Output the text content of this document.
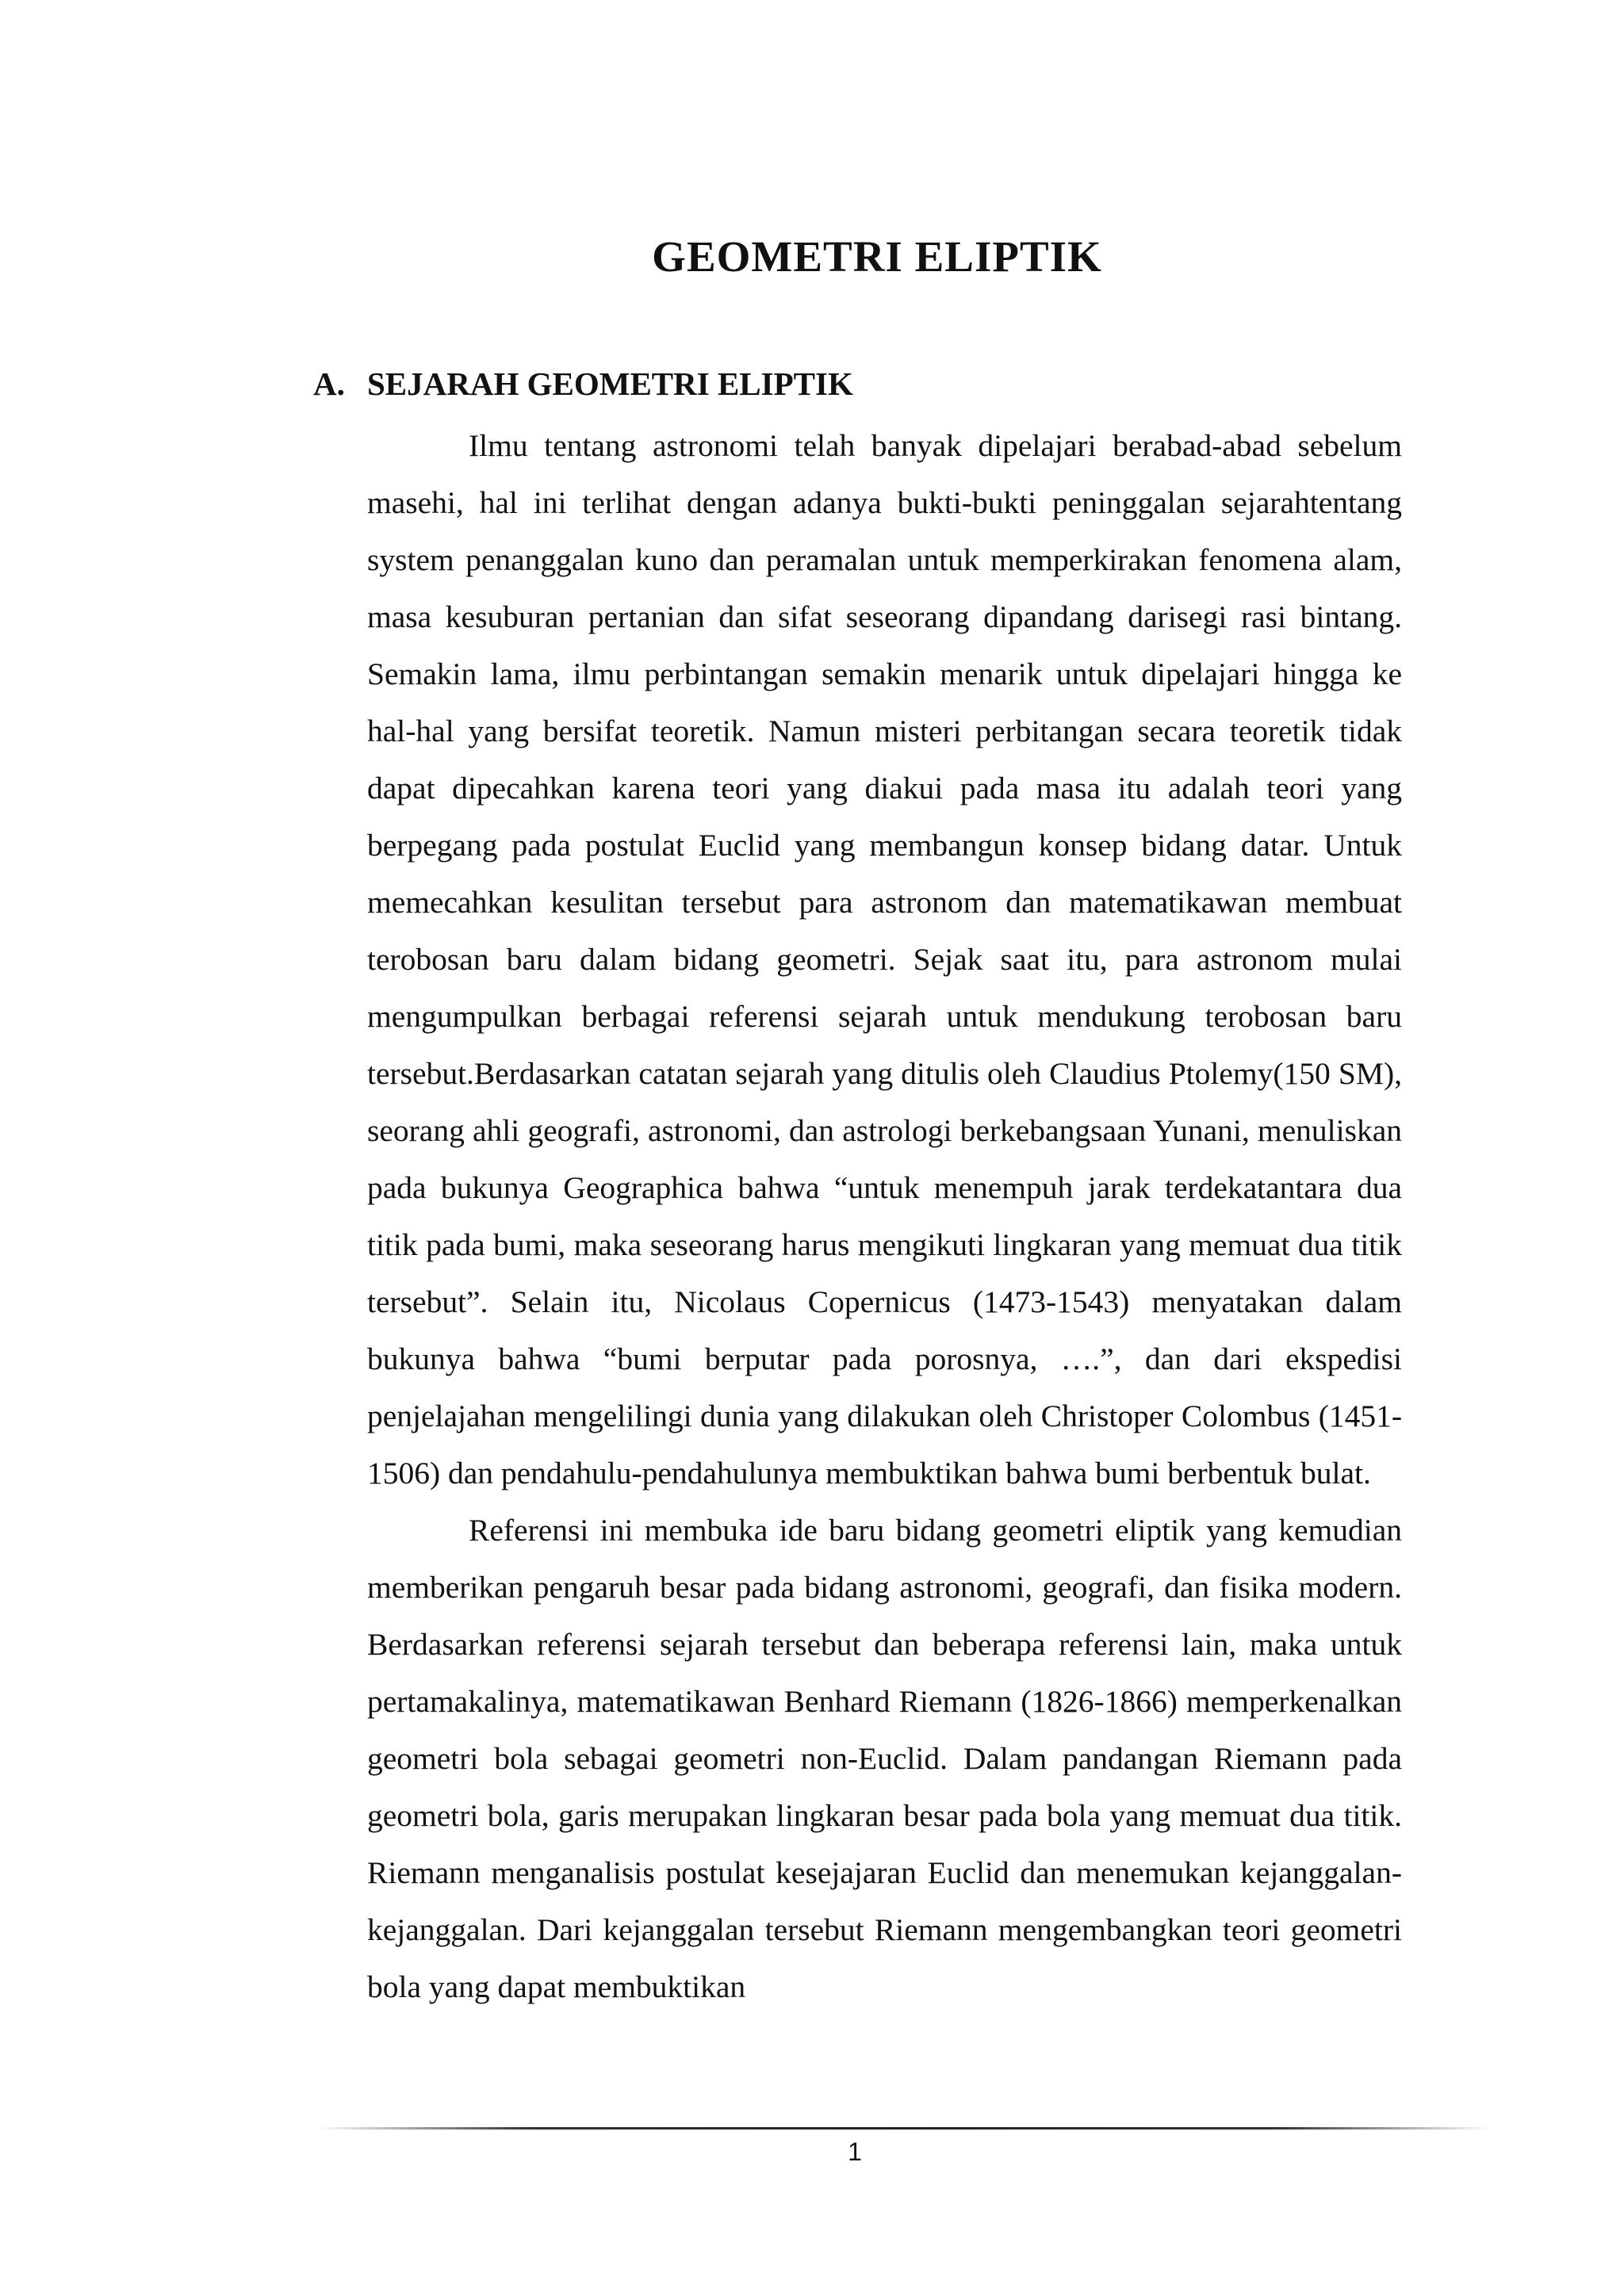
GEOMETRI ELIPTIK
A. SEJARAH GEOMETRI ELIPTIK

Ilmu tentang astronomi telah banyak dipelajari berabad-abad sebelum masehi, hal ini terlihat dengan adanya bukti-bukti peninggalan sejarahtentang system penanggalan kuno dan peramalan untuk memperkirakan fenomena alam, masa kesuburan pertanian dan sifat seseorang dipandang darisegi rasi bintang. Semakin lama, ilmu perbintangan semakin menarik untuk dipelajari hingga ke hal-hal yang bersifat teoretik. Namun misteri perbitangan secara teoretik tidak dapat dipecahkan karena teori yang diakui pada masa itu adalah teori yang berpegang pada postulat Euclid yang membangun konsep bidang datar. Untuk memecahkan kesulitan tersebut para astronom dan matematikawan membuat terobosan baru dalam bidang geometri. Sejak saat itu, para astronom mulai mengumpulkan berbagai referensi sejarah untuk mendukung terobosan baru tersebut.Berdasarkan catatan sejarah yang ditulis oleh Claudius Ptolemy(150 SM), seorang ahli geografi, astronomi, dan astrologi berkebangsaan Yunani, menuliskan pada bukunya Geographica bahwa “untuk menempuh jarak terdekatantara dua titik pada bumi, maka seseorang harus mengikuti lingkaran yang memuat dua titik tersebut”. Selain itu, Nicolaus Copernicus (1473-1543) menyatakan dalam bukunya bahwa “bumi berputar pada porosnya, ….”, dan dari ekspedisi penjelajahan mengelilingi dunia yang dilakukan oleh Christoper Colombus (1451-1506) dan pendahulu-pendahulunya membuktikan bahwa bumi berbentuk bulat.

Referensi ini membuka ide baru bidang geometri eliptik yang kemudian memberikan pengaruh besar pada bidang astronomi, geografi, dan fisika modern. Berdasarkan referensi sejarah tersebut dan beberapa referensi lain, maka untuk pertamakalinya, matematikawan Benhard Riemann (1826-1866) memperkenalkan geometri bola sebagai geometri non-Euclid. Dalam pandangan Riemann pada geometri bola, garis merupakan lingkaran besar pada bola yang memuat dua titik. Riemann menganalisis postulat kesejajaran Euclid dan menemukan kejanggalan-kejanggalan. Dari kejanggalan tersebut Riemann mengembangkan teori geometri bola yang dapat membuktikan

1
